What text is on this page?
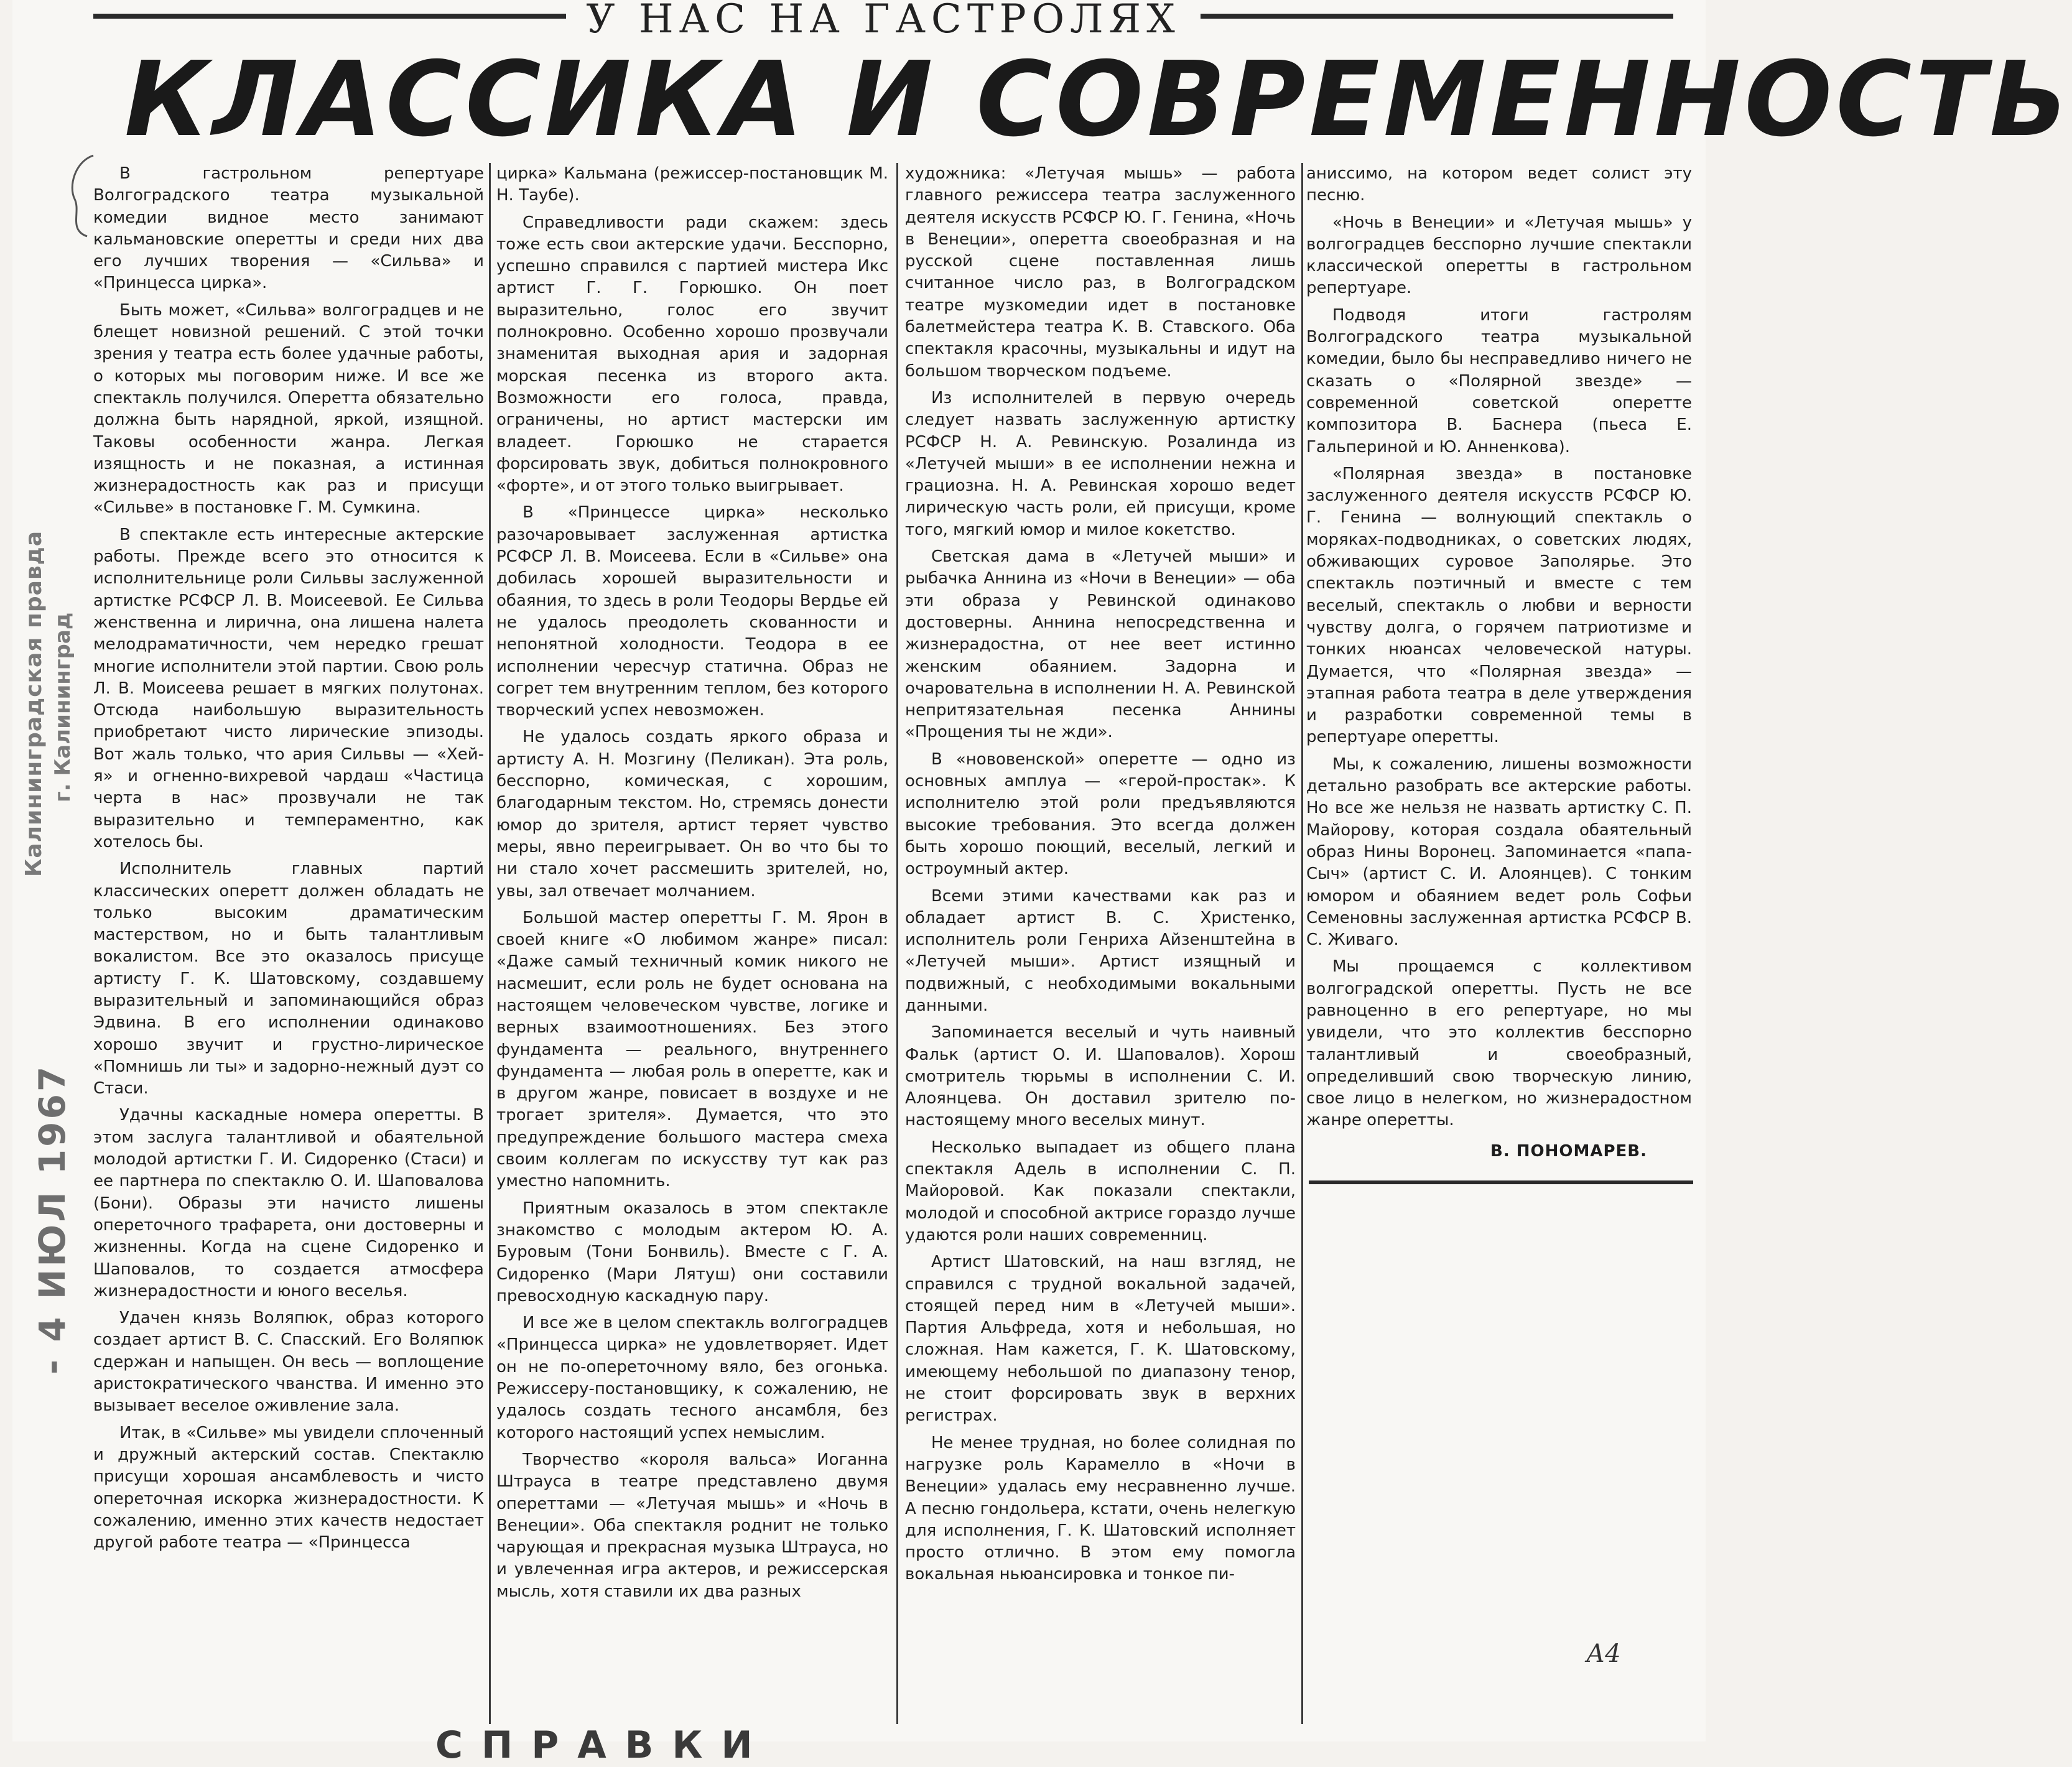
У НАС НА ГАСТРОЛЯХ
КЛАССИКА И СОВРЕМЕННОСТЬ
Калининградская правда г. Калининград
- 4 ИЮЛ 1967

В гастрольном репертуаре Волгоградского театра музыкальной комедии видное место занимают кальмановские оперетты и среди них два его лучших творения — «Сильва» и «Принцесса цирка».

Быть может, «Сильва» волгоградцев и не блещет новизной решений. С этой точки зрения у театра есть более удачные работы, о которых мы поговорим ниже. И все же спектакль получился. Оперетта обязательно должна быть нарядной, яркой, изящной. Таковы особенности жанра. Легкая изящность и не показная, а истинная жизнерадостность как раз и присущи «Сильве» в постановке Г. М. Сумкина.

В спектакле есть интересные актерские работы. Прежде всего это относится к исполнительнице роли Сильвы заслуженной артистке РСФСР Л. В. Моисеевой. Ее Сильва женственна и лирична, она лишена налета мелодраматичности, чем нередко грешат многие исполнители этой партии. Свою роль Л. В. Моисеева решает в мягких полутонах. Отсюда наибольшую выразительность приобретают чисто лирические эпизоды. Вот жаль только, что ария Сильвы — «Хей-я» и огненно-вихревой чардаш «Частица черта в нас» прозвучали не так выразительно и темпераментно, как хотелось бы.

Исполнитель главных партий классических оперетт должен обладать не только высоким драматическим мастерством, но и быть талантливым вокалистом. Все это оказалось присуще артисту Г. К. Шатовскому, создавшему выразительный и запоминающийся образ Эдвина. В его исполнении одинаково хорошо звучит и грустно-лирическое «Помнишь ли ты» и задорно-нежный дуэт со Стаси.

Удачны каскадные номера оперетты. В этом заслуга талантливой и обаятельной молодой артистки Г. И. Сидоренко (Стаси) и ее партнера по спектаклю О. И. Шаповалова (Бони). Образы эти начисто лишены опереточного трафарета, они достоверны и жизненны. Когда на сцене Сидоренко и Шаповалов, то создается атмосфера жизнерадостности и юного веселья.

Удачен князь Воляпюк, образ которого создает артист В. С. Спасский. Его Воляпюк сдержан и напыщен. Он весь — воплощение аристократического чванства. И именно это вызывает веселое оживление зала.

Итак, в «Сильве» мы увидели сплоченный и дружный актерский состав. Спектаклю присущи хорошая ансамблевость и чисто опереточная искорка жизнерадостности. К сожалению, именно этих качеств недостает другой работе театра — «Принцесса

цирка» Кальмана (режиссер-постановщик М. Н. Таубе).

Справедливости ради скажем: здесь тоже есть свои актерские удачи. Бесспорно, успешно справился с партией мистера Икс артист Г. Г. Горюшко. Он поет выразительно, голос его звучит полнокровно. Особенно хорошо прозвучали знаменитая выходная ария и задорная морская песенка из второго акта. Возможности его голоса, правда, ограничены, но артист мастерски им владеет. Горюшко не старается форсировать звук, добиться полнокровного «форте», и от этого только выигрывает.

В «Принцессе цирка» несколько разочаровывает заслуженная артистка РСФСР Л. В. Моисеева. Если в «Сильве» она добилась хорошей выразительности и обаяния, то здесь в роли Теодоры Вердье ей не удалось преодолеть скованности и непонятной холодности. Теодора в ее исполнении чересчур статична. Образ не согрет тем внутренним теплом, без которого творческий успех невозможен.

Не удалось создать яркого образа и артисту А. Н. Мозгину (Пеликан). Эта роль, бесспорно, комическая, с хорошим, благодарным текстом. Но, стремясь донести юмор до зрителя, артист теряет чувство меры, явно переигрывает. Он во что бы то ни стало хочет рассмешить зрителей, но, увы, зал отвечает молчанием.

Большой мастер оперетты Г. М. Ярон в своей книге «О любимом жанре» писал: «Даже самый техничный комик никого не насмешит, если роль не будет основана на настоящем человеческом чувстве, логике и верных взаимоотношениях. Без этого фундамента — реального, внутреннего фундамента — любая роль в оперетте, как и в другом жанре, повисает в воздухе и не трогает зрителя». Думается, что это предупреждение большого мастера смеха своим коллегам по искусству тут как раз уместно напомнить.

Приятным оказалось в этом спектакле знакомство с молодым актером Ю. А. Буровым (Тони Бонвиль). Вместе с Г. А. Сидоренко (Мари Лятуш) они составили превосходную каскадную пару.

И все же в целом спектакль волгоградцев «Принцесса цирка» не удовлетворяет. Идет он не по-опереточному вяло, без огонька. Режиссеру-постановщику, к сожалению, не удалось создать тесного ансамбля, без которого настоящий успех немыслим.

Творчество «короля вальса» Иоганна Штрауса в театре представлено двумя опереттами — «Летучая мышь» и «Ночь в Венеции». Оба спектакля роднит не только чарующая и прекрасная музыка Штрауса, но и увлеченная игра актеров, и режиссерская мысль, хотя ставили их два разных

художника: «Летучая мышь» — работа главного режиссера театра заслуженного деятеля искусств РСФСР Ю. Г. Генина, «Ночь в Венеции», оперетта своеобразная и на русской сцене поставленная лишь считанное число раз, в Волгоградском театре музкомедии идет в постановке балетмейстера театра К. В. Ставского. Оба спектакля красочны, музыкальны и идут на большом творческом подъеме.

Из исполнителей в первую очередь следует назвать заслуженную артистку РСФСР Н. А. Ревинскую. Розалинда из «Летучей мыши» в ее исполнении нежна и грациозна. Н. А. Ревинская хорошо ведет лирическую часть роли, ей присущи, кроме того, мягкий юмор и милое кокетство.

Светская дама в «Летучей мыши» и рыбачка Аннина из «Ночи в Венеции» — оба эти образа у Ревинской одинаково достоверны. Аннина непосредственна и жизнерадостна, от нее веет истинно женским обаянием. Задорна и очаровательна в исполнении Н. А. Ревинской непритязательная песенка Аннины «Прощения ты не жди».

В «нововенской» оперетте — одно из основных амплуа — «герой-простак». К исполнителю этой роли предъявляются высокие требования. Это всегда должен быть хорошо поющий, веселый, легкий и остроумный актер.

Всеми этими качествами как раз и обладает артист В. С. Христенко, исполнитель роли Генриха Айзенштейна в «Летучей мыши». Артист изящный и подвижный, с необходимыми вокальными данными.

Запоминается веселый и чуть наивный Фальк (артист О. И. Шаповалов). Хорош смотритель тюрьмы в исполнении С. И. Алоянцева. Он доставил зрителю по-настоящему много веселых минут.

Несколько выпадает из общего плана спектакля Адель в исполнении С. П. Майоровой. Как показали спектакли, молодой и способной актрисе гораздо лучше удаются роли наших современниц.

Артист Шатовский, на наш взгляд, не справился с трудной вокальной задачей, стоящей перед ним в «Летучей мыши». Партия Альфреда, хотя и небольшая, но сложная. Нам кажется, Г. К. Шатовскому, имеющему небольшой по диапазону тенор, не стоит форсировать звук в верхних регистрах.

Не менее трудная, но более солидная по нагрузке роль Карамелло в «Ночи в Венеции» удалась ему несравненно лучше. А песню гондольера, кстати, очень нелегкую для исполнения, Г. К. Шатовский исполняет просто отлично. В этом ему помогла вокальная ньюансировка и тонкое пи-

аниссимо, на котором ведет солист эту песню.

«Ночь в Венеции» и «Летучая мышь» у волгоградцев бесспорно лучшие спектакли классической оперетты в гастрольном репертуаре.

Подводя итоги гастролям Волгоградского театра музыкальной комедии, было бы несправедливо ничего не сказать о «Полярной звезде» — современной советской оперетте композитора В. Баснера (пьеса Е. Гальпериной и Ю. Анненкова).

«Полярная звезда» в постановке заслуженного деятеля искусств РСФСР Ю. Г. Генина — волнующий спектакль о моряках-подводниках, о советских людях, обживающих суровое Заполярье. Это спектакль поэтичный и вместе с тем веселый, спектакль о любви и верности чувству долга, о горячем патриотизме и тонких нюансах человеческой натуры. Думается, что «Полярная звезда» — этапная работа театра в деле утверждения и разработки современной темы в репертуаре оперетты.

Мы, к сожалению, лишены возможности детально разобрать все актерские работы. Но все же нельзя не назвать артистку С. П. Майорову, которая создала обаятельный образ Нины Воронец. Запоминается «папа-Сыч» (артист С. И. Алоянцев). С тонким юмором и обаянием ведет роль Софьи Семеновны заслуженная артистка РСФСР В. С. Живаго.

Мы прощаемся с коллективом волгоградской оперетты. Пусть не все равноценно в его репертуаре, но мы увидели, что это коллектив бесспорно талантливый и своеобразный, определивший свою творческую линию, свое лицо в нелегком, но жизнерадостном жанре оперетты.

В. ПОНОМАРЕВ.
А4
СПРАВКИ
